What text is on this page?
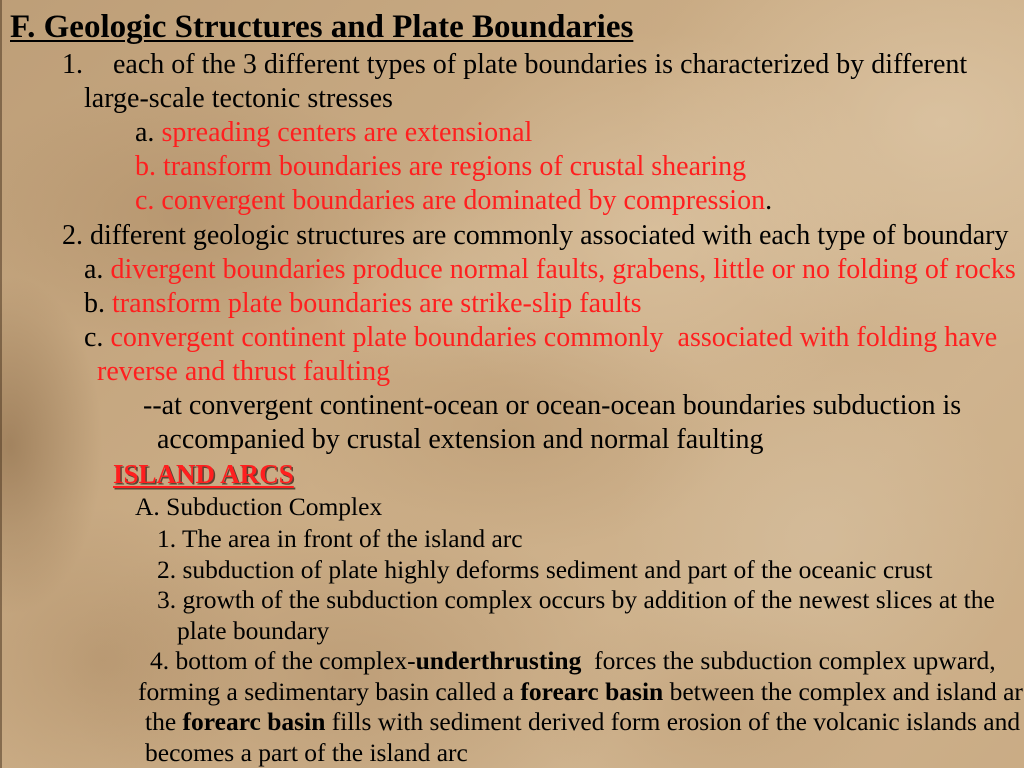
F. Geologic Structures and Plate Boundaries
1. each of the 3 different types of plate boundaries is characterized by different
large-scale tectonic stresses
a. spreading centers are extensional
b. transform boundaries are regions of crustal shearing
c. convergent boundaries are dominated by compression.
2. different geologic structures are commonly associated with each type of boundary
a. divergent boundaries produce normal faults, grabens, little or no folding of rocks
b. transform plate boundaries are strike-slip faults
c. convergent continent plate boundaries commonly  associated with folding have
reverse and thrust faulting
--at convergent continent-ocean or ocean-ocean boundaries subduction is
accompanied by crustal extension and normal faulting
ISLAND ARCS
A. Subduction Complex
1. The area in front of the island arc
2. subduction of plate highly deforms sediment and part of the oceanic crust
3. growth of the subduction complex occurs by addition of the newest slices at the
plate boundary
4. bottom of the complex-underthrusting  forces the subduction complex upward,
forming a sedimentary basin called a forearc basin between the complex and island ar
the forearc basin fills with sediment derived form erosion of the volcanic islands and
becomes a part of the island arc
